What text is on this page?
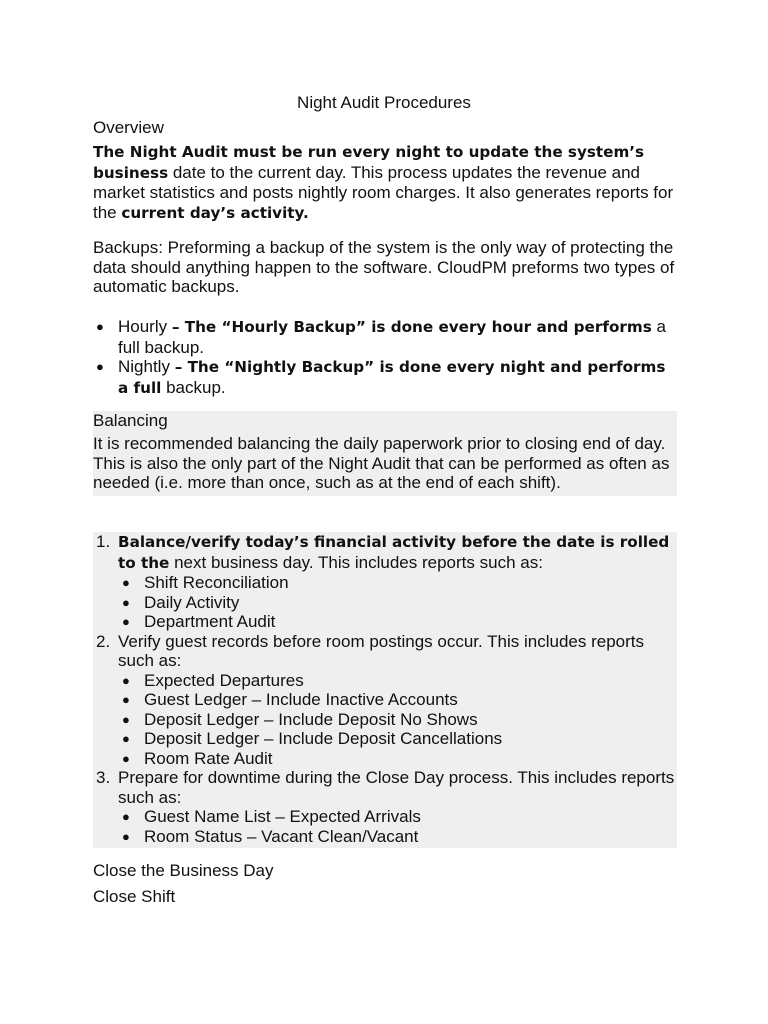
Night Audit Procedures
Overview
The Night Audit must be run every night to update the system’s business date to the current day. This process updates the revenue and market statistics and posts nightly room charges. It also generates reports for the current day’s activity.
Backups: Preforming a backup of the system is the only way of protecting the data should anything happen to the software. CloudPM preforms two types of automatic backups.
● Hourly – The “Hourly Backup” is done every hour and performs a full backup.
● Nightly – The “Nightly Backup” is done every night and performs a full backup.
Balancing
It is recommended balancing the daily paperwork prior to closing end of day. This is also the only part of the Night Audit that can be performed as often as needed (i.e. more than once, such as at the end of each shift).
1. Balance/verify today’s financial activity before the date is rolled to the next business day. This includes reports such as:
● Shift Reconciliation
● Daily Activity
● Department Audit
2. Verify guest records before room postings occur. This includes reports such as:
● Expected Departures
● Guest Ledger – Include Inactive Accounts
● Deposit Ledger – Include Deposit No Shows
● Deposit Ledger – Include Deposit Cancellations
● Room Rate Audit
3. Prepare for downtime during the Close Day process. This includes reports such as:
● Guest Name List – Expected Arrivals
● Room Status – Vacant Clean/Vacant
Close the Business Day
Close Shift
